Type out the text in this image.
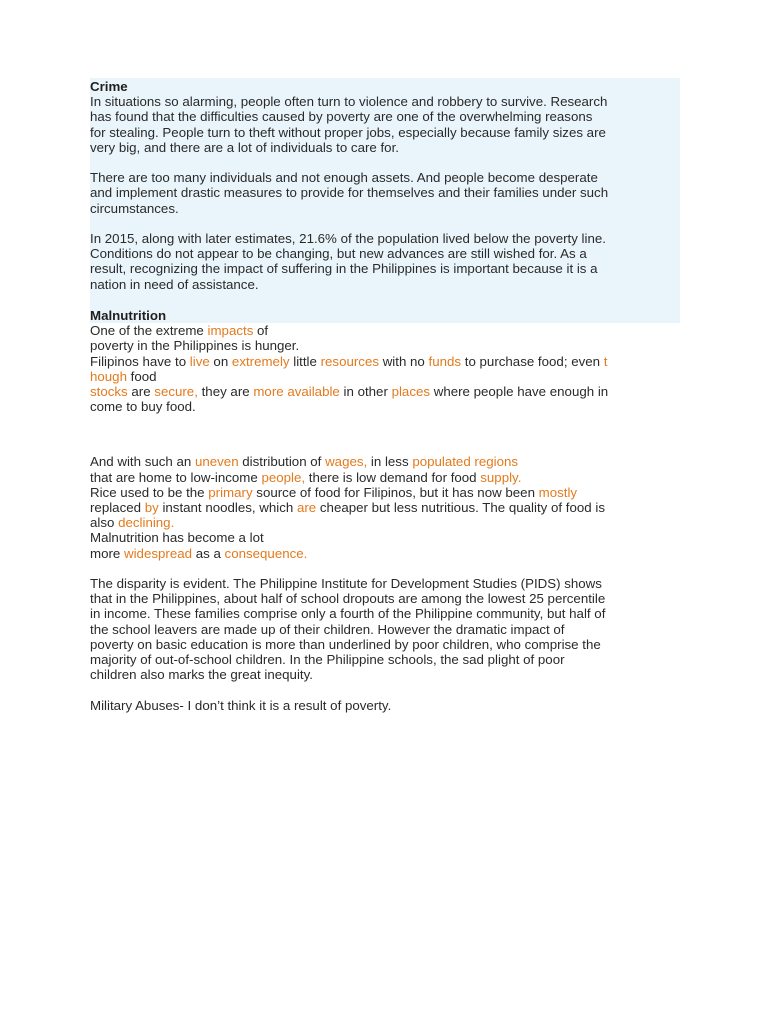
Crime
In situations so alarming, people often turn to violence and robbery to survive. Research
has found that the difficulties caused by poverty are one of the overwhelming reasons
for stealing. People turn to theft without proper jobs, especially because family sizes are
very big, and there are a lot of individuals to care for.
There are too many individuals and not enough assets. And people become desperate
and implement drastic measures to provide for themselves and their families under such
circumstances.
In 2015, along with later estimates, 21.6% of the population lived below the poverty line.
Conditions do not appear to be changing, but new advances are still wished for. As a
result, recognizing the impact of suffering in the Philippines is important because it is a
nation in need of assistance.
Malnutrition
One of the extreme impacts of
poverty in the Philippines is hunger.
Filipinos have to live on extremely little resources with no funds to purchase food; even t
hough food
stocks are secure, they are more available in other places where people have enough in
come to buy food.
And with such an uneven distribution of wages, in less populated regions
that are home to low-income people, there is low demand for food supply.
Rice used to be the primary source of food for Filipinos, but it has now been mostly
replaced by instant noodles, which are cheaper but less nutritious. The quality of food is
also declining.
Malnutrition has become a lot
more widespread as a consequence.
The disparity is evident. The Philippine Institute for Development Studies (PIDS) shows
that in the Philippines, about half of school dropouts are among the lowest 25 percentile
in income. These families comprise only a fourth of the Philippine community, but half of
the school leavers are made up of their children. However the dramatic impact of
poverty on basic education is more than underlined by poor children, who comprise the
majority of out-of-school children. In the Philippine schools, the sad plight of poor
children also marks the great inequity.
Military Abuses- I don’t think it is a result of poverty.
